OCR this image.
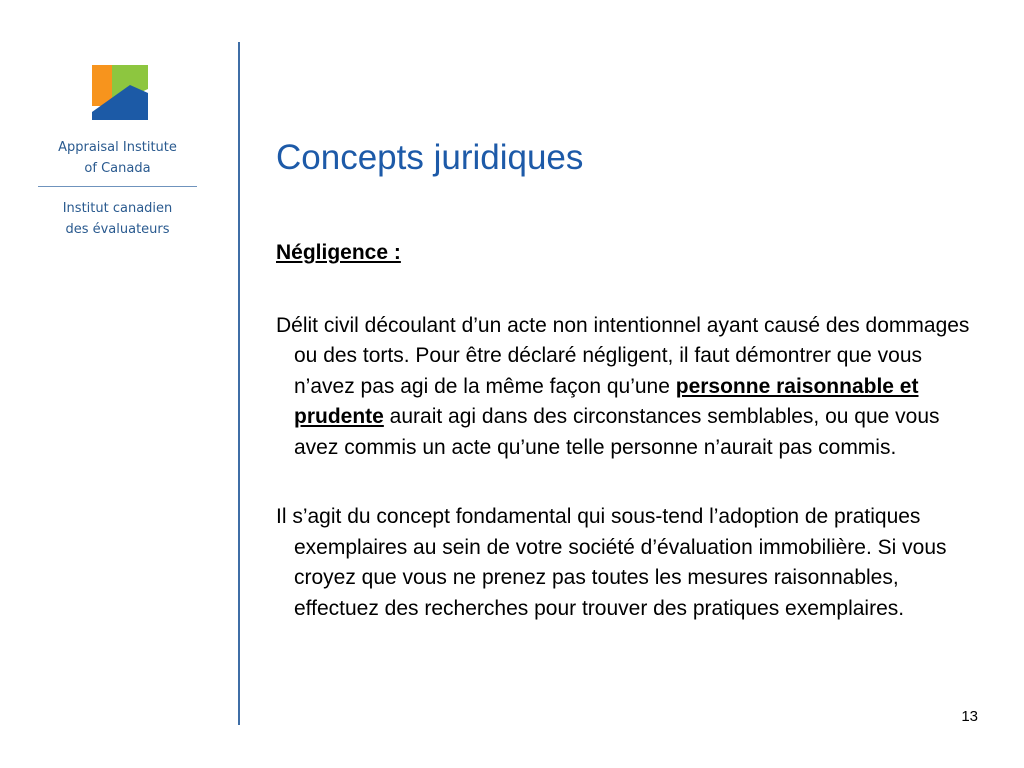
Appraisal Institute
of Canada
Institut canadien
des évaluateurs
Concepts juridiques

Négligence :

Délit civil découlant d’un acte non intentionnel ayant causé des dommages ou des torts. Pour être déclaré négligent, il faut démontrer que vous n’avez pas agi de la même façon qu’une personne raisonnable et prudente aurait agi dans des circonstances semblables, ou que vous avez commis un acte qu’une telle personne n’aurait pas commis.

Il s’agit du concept fondamental qui sous-tend l’adoption de pratiques exemplaires au sein de votre société d’évaluation immobilière. Si vous croyez que vous ne prenez pas toutes les mesures raisonnables, effectuez des recherches pour trouver des pratiques exemplaires.

13
